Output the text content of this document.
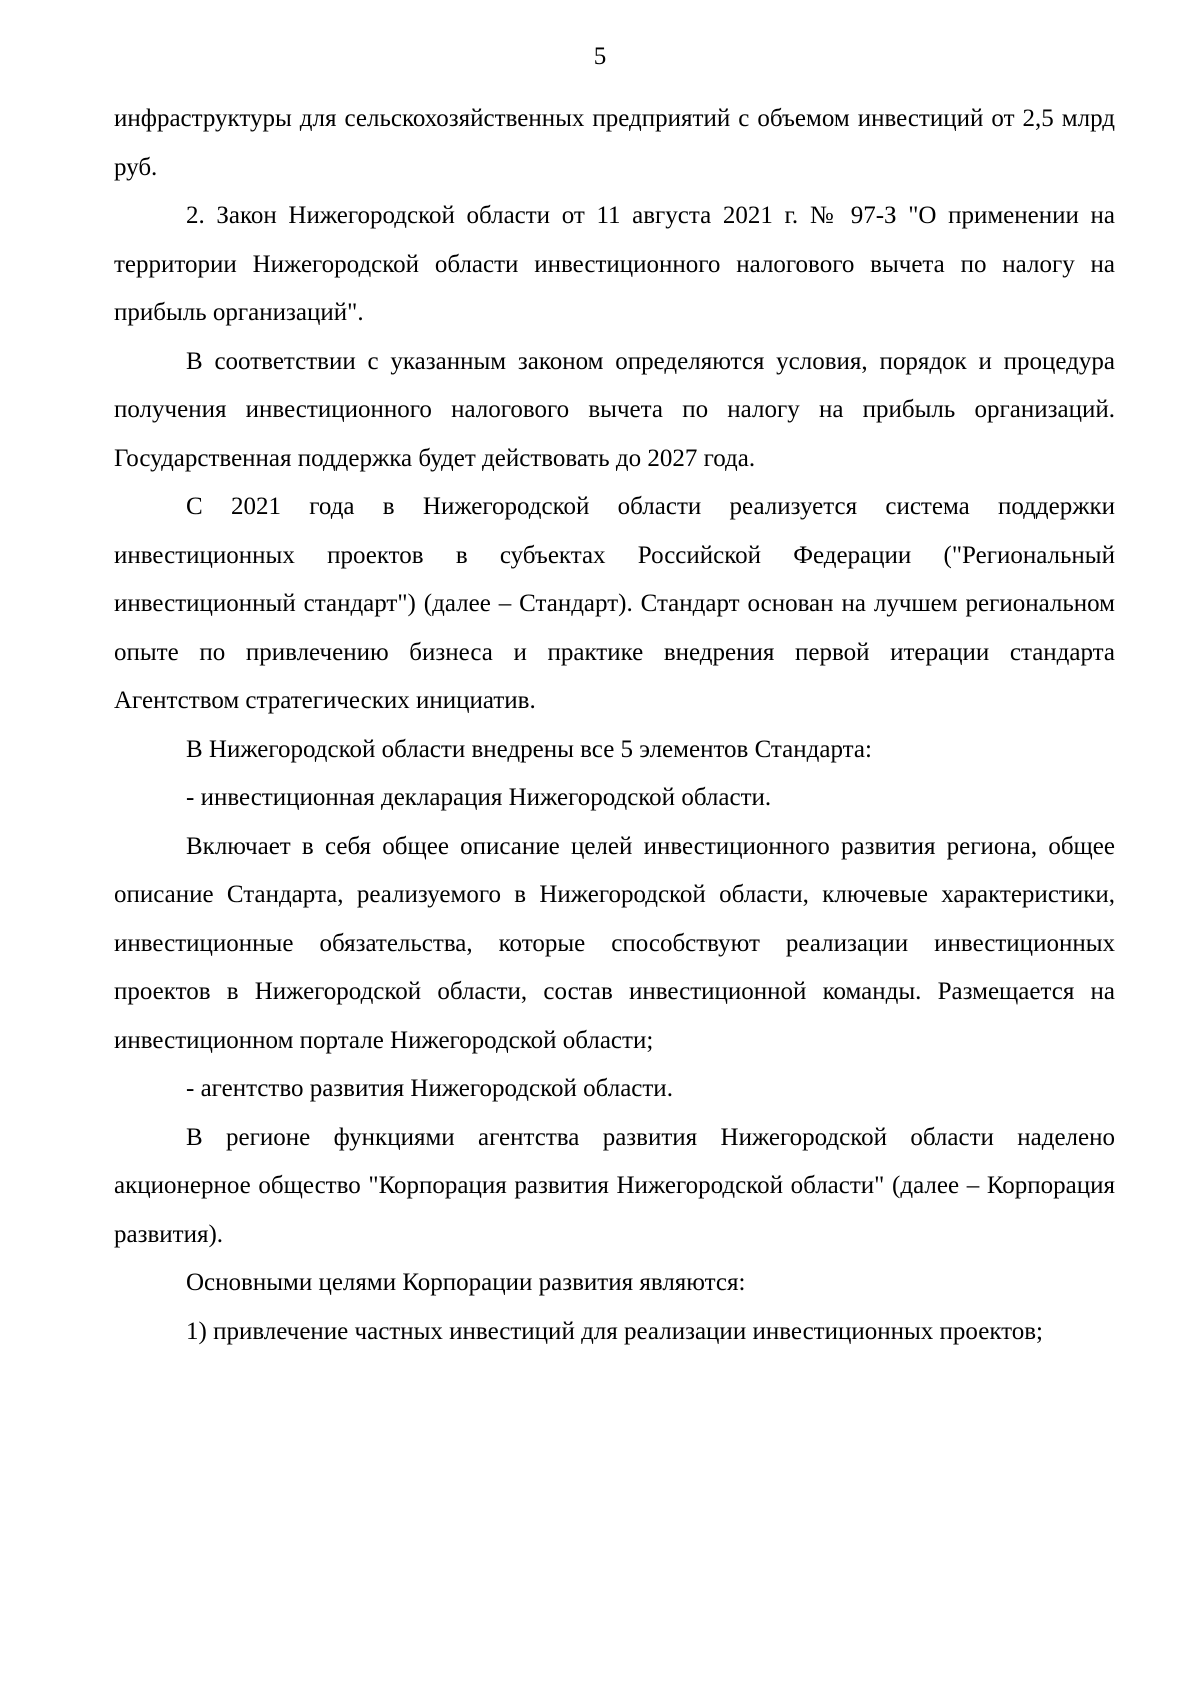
5

инфраструктуры для сельскохозяйственных предприятий с объемом инвестиций от 2,5 млрд руб.

2. Закон Нижегородской области от 11 августа 2021 г. № 97-З "О применении на территории Нижегородской области инвестиционного налогового вычета по налогу на прибыль организаций".

В соответствии с указанным законом определяются условия, порядок и процедура получения инвестиционного налогового вычета по налогу на прибыль организаций. Государственная поддержка будет действовать до 2027 года.

С 2021 года в Нижегородской области реализуется система поддержки инвестиционных проектов в субъектах Российской Федерации ("Региональный инвестиционный стандарт") (далее – Стандарт). Стандарт основан на лучшем региональном опыте по привлечению бизнеса и практике внедрения первой итерации стандарта Агентством стратегических инициатив.

В Нижегородской области внедрены все 5 элементов Стандарта:

- инвестиционная декларация Нижегородской области.

Включает в себя общее описание целей инвестиционного развития региона, общее описание Стандарта, реализуемого в Нижегородской области, ключевые характеристики, инвестиционные обязательства, которые способствуют реализации инвестиционных проектов в Нижегородской области, состав инвестиционной команды. Размещается на инвестиционном портале Нижегородской области;

- агентство развития Нижегородской области.

В регионе функциями агентства развития Нижегородской области наделено акционерное общество "Корпорация развития Нижегородской области" (далее – Корпорация развития).

Основными целями Корпорации развития являются:

1) привлечение частных инвестиций для реализации инвестиционных проектов;
